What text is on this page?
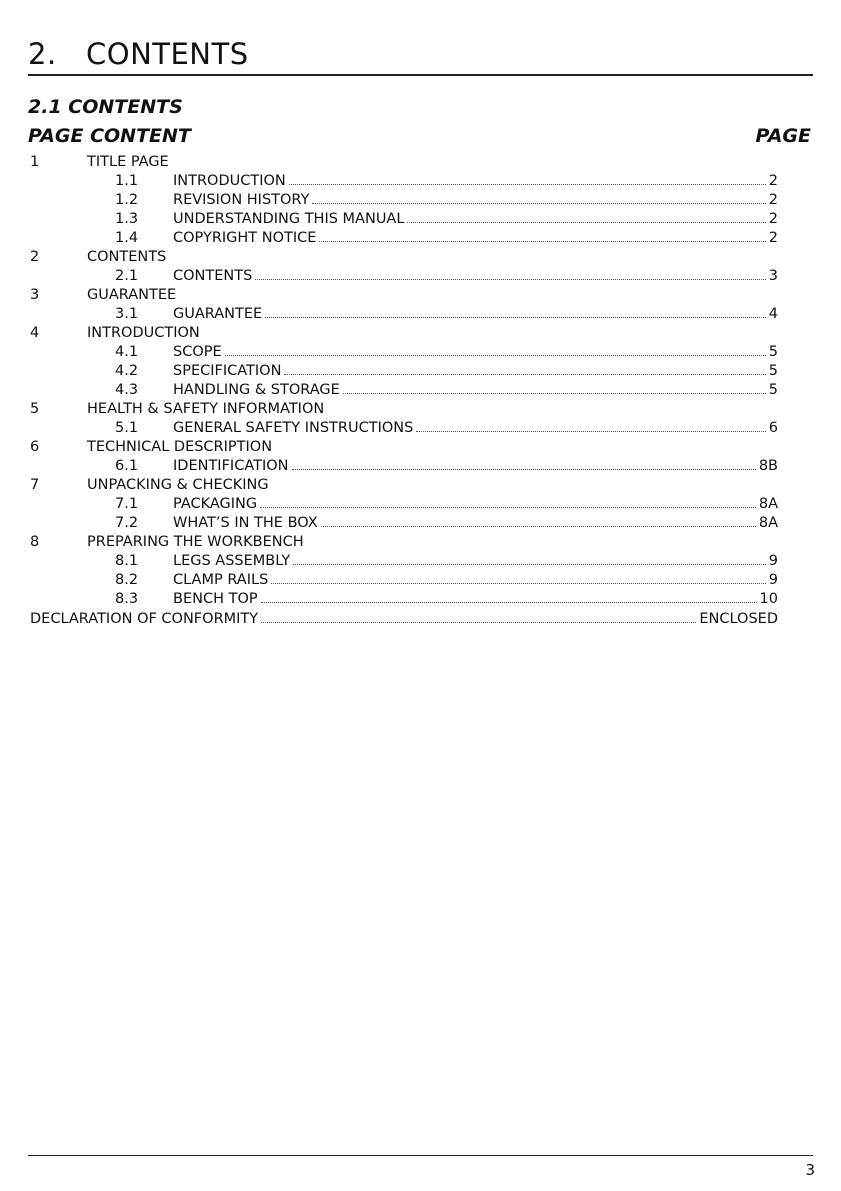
2. CONTENTS
2.1 CONTENTS
PAGE CONTENT	PAGE
1	TITLE PAGE
1.1 INTRODUCTION	2
1.2 REVISION HISTORY	2
1.3 UNDERSTANDING THIS MANUAL	2
1.4 COPYRIGHT NOTICE	2
2	CONTENTS
2.1 CONTENTS	3
3	GUARANTEE
3.1 GUARANTEE	4
4	INTRODUCTION
4.1 SCOPE	5
4.2 SPECIFICATION	5
4.3 HANDLING & STORAGE	5
5	HEALTH & SAFETY INFORMATION
5.1 GENERAL SAFETY INSTRUCTIONS	6
6	TECHNICAL DESCRIPTION
6.1 IDENTIFICATION	8B
7	UNPACKING & CHECKING
7.1 PACKAGING	8A
7.2 WHAT’S IN THE BOX	8A
8	PREPARING THE WORKBENCH
8.1 LEGS ASSEMBLY	9
8.2 CLAMP RAILS	9
8.3 BENCH TOP	10
DECLARATION OF CONFORMITY	ENCLOSED
3
